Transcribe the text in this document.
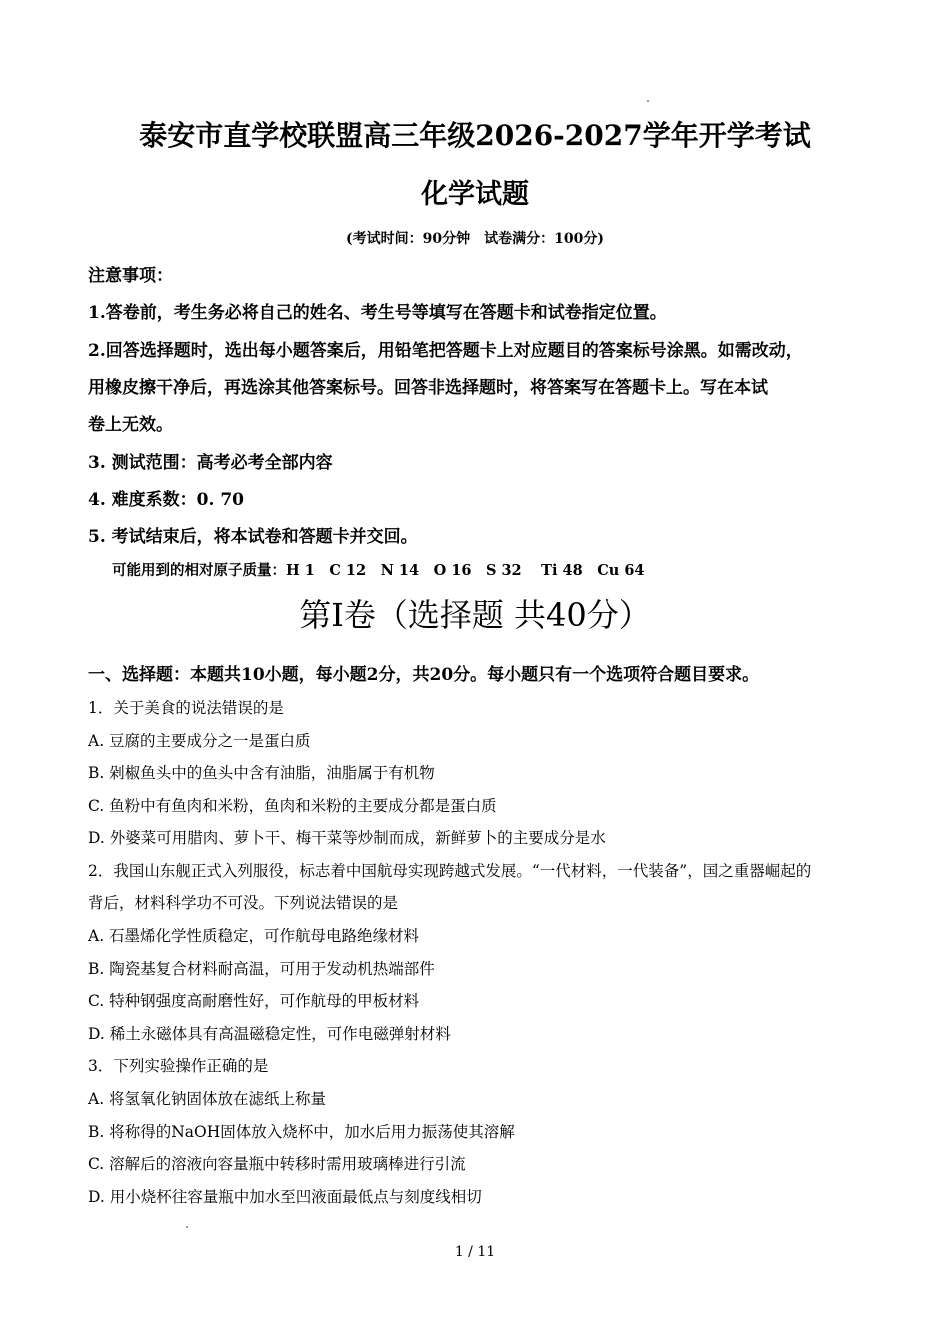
泰安市直学校联盟高三年级2026-2027学年开学考试
化学试题
(考试时间：90分钟　试卷满分：100分)
注意事项：
1.答卷前，考生务必将自己的姓名、考生号等填写在答题卡和试卷指定位置。
2.回答选择题时，选出每小题答案后，用铅笔把答题卡上对应题目的答案标号涂黑。如需改动，
用橡皮擦干净后，再选涂其他答案标号。回答非选择题时，将答案写在答题卡上。写在本试
卷上无效。
3. 测试范围：高考必考全部内容
4. 难度系数：0. 70
5. 考试结束后，将本试卷和答题卡并交回。
可能用到的相对原子质量：H 1　C 12　N 14　O 16　S 32　 Ti 48　Cu 64
第I卷（选择题 共40分）
一、选择题：本题共10小题，每小题2分，共20分。每小题只有一个选项符合题目要求。
1．关于美食的说法错误的是
A. 豆腐的主要成分之一是蛋白质
B. 剁椒鱼头中的鱼头中含有油脂，油脂属于有机物
C. 鱼粉中有鱼肉和米粉，鱼肉和米粉的主要成分都是蛋白质
D. 外婆菜可用腊肉、萝卜干、梅干菜等炒制而成，新鲜萝卜的主要成分是水
2．我国山东舰正式入列服役，标志着中国航母实现跨越式发展。“一代材料，一代装备”，国之重器崛起的
背后，材料科学功不可没。下列说法错误的是
A. 石墨烯化学性质稳定，可作航母电路绝缘材料
B. 陶瓷基复合材料耐高温，可用于发动机热端部件
C. 特种钢强度高耐磨性好，可作航母的甲板材料
D. 稀土永磁体具有高温磁稳定性，可作电磁弹射材料
3．下列实验操作正确的是
A. 将氢氧化钠固体放在滤纸上称量
B. 将称得的NaOH固体放入烧杯中，加水后用力振荡使其溶解
C. 溶解后的溶液向容量瓶中转移时需用玻璃棒进行引流
D. 用小烧杯往容量瓶中加水至凹液面最低点与刻度线相切
1 / 11
